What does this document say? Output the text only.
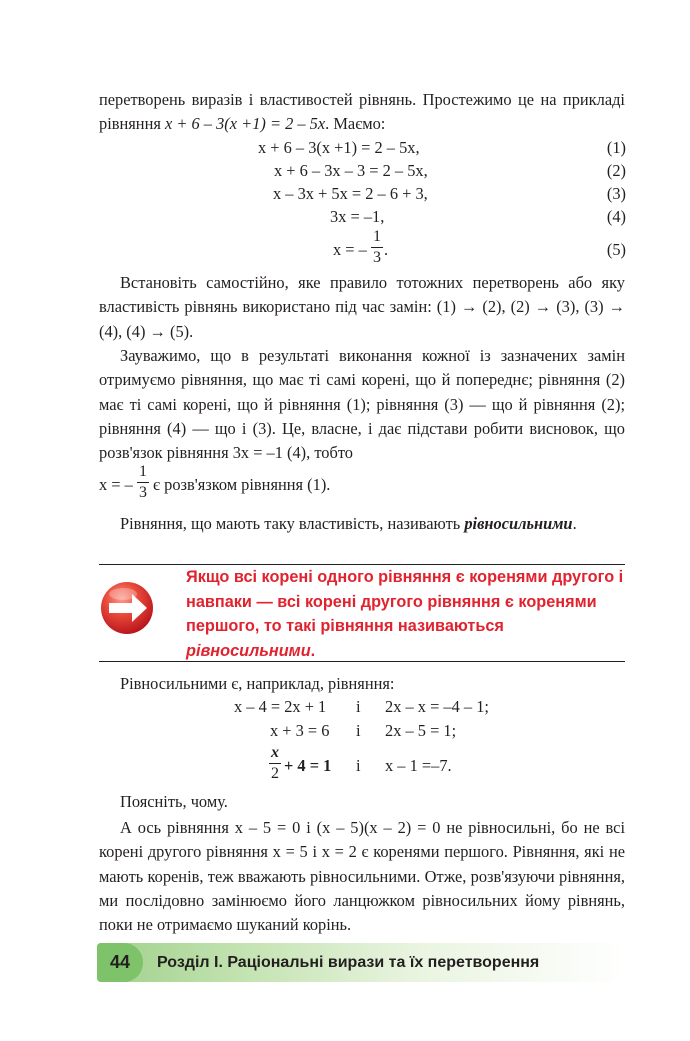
перетворень виразів і властивостей рівнянь. Простежимо це на прикладі рівняння x + 6 – 3(x +1) = 2 – 5x. Маємо:
x + 6 – 3(x +1) = 2 – 5x,	(1)
x + 6 – 3x – 3 = 2 – 5x,	(2)
x – 3x + 5x = 2 – 6 + 3,	(3)
3x = –1,	(4)
x = –
1
3 .	(5)
Встановіть самостійно, яке правило тотожних перетворень або яку властивість рівнянь використано під час замін: (1) → (2), (2) → (3), (3) → (4), (4) → (5).
Зауважимо, що в результаті виконання кожної із зазначених замін отримуємо рівняння, що має ті самі корені, що й попереднє; рівняння (2) має ті самі корені, що й рівняння (1); рівняння (3) — що й рівняння (2); рівняння (4) — що і (3). Це, власне, і дає підстави робити висновок, що розв'язок рівняння 3x = –1 (4), тобто
x = –
1
3 є розв'язком рівняння (1).
Рівняння, що мають таку властивість, називають рівносильними.
Якщо всі корені одного рівняння є коренями другого і навпаки — всі корені другого рівняння є коренями першого, то такі рівняння називаються рівносильними.
Рівносильними є, наприклад, рівняння:
x – 4 = 2x + 1 і 2x – x = –4 – 1;
x + 3 = 6 і 2x – 5 = 1;
x
2 + 4 = 1 і x – 1 =–7.
Поясніть, чому.
А ось рівняння x – 5 = 0 і (x – 5)(x – 2) = 0 не рівносильні, бо не всі корені другого рівняння x = 5 і x = 2 є коренями першого. Рівняння, які не мають коренів, теж вважають рівносильними. Отже, розв'язуючи рівняння, ми послідовно замінюємо його ланцюжком рівносильних йому рівнянь, поки не отримаємо шуканий корінь.
44	Розділ І. Раціональні вирази та їх перетворення
